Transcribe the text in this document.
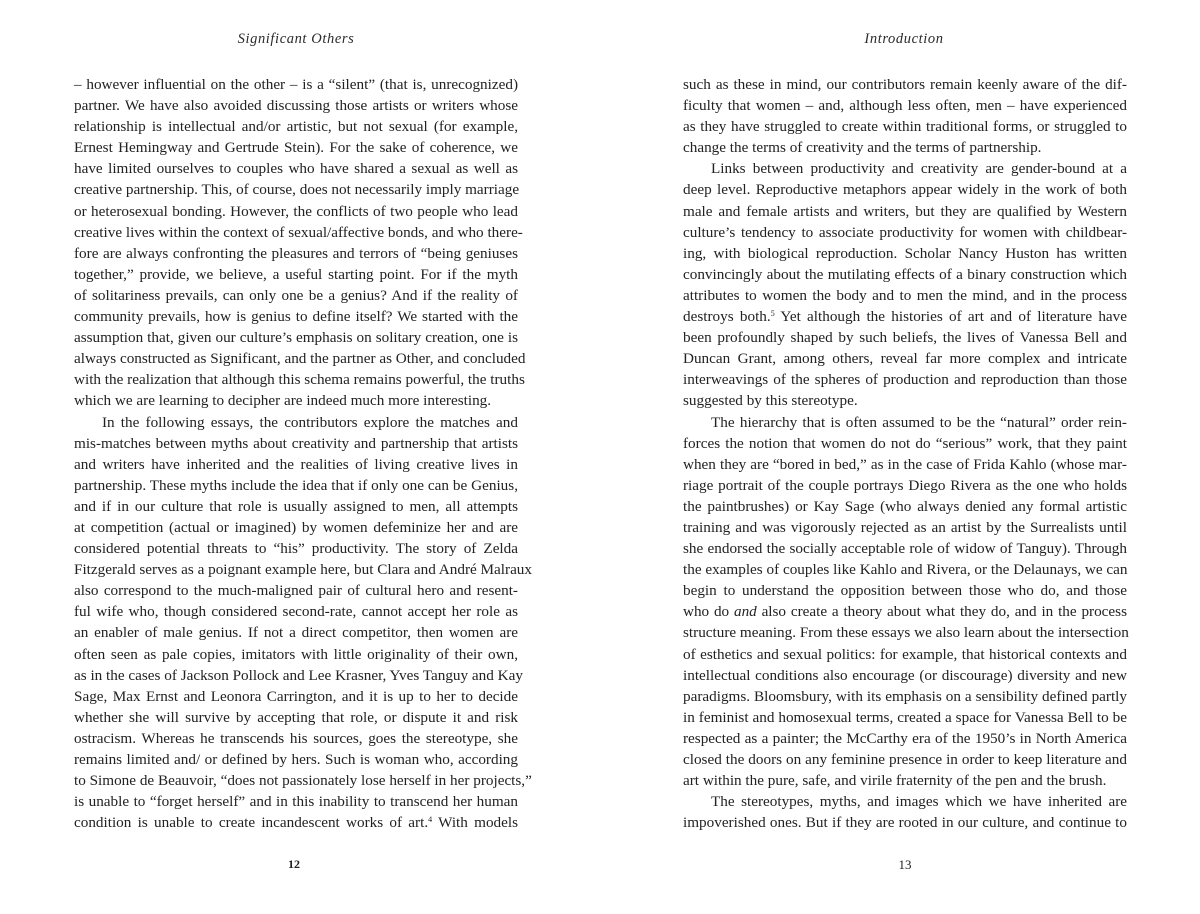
Significant Others
– however influential on the other – is a “silent” (that is, unrecognized)
partner. We have also avoided discussing those artists or writers whose
relationship is intellectual and/or artistic, but not sexual (for example,
Ernest Hemingway and Gertrude Stein). For the sake of coherence, we
have limited ourselves to couples who have shared a sexual as well as
creative partnership. This, of course, does not necessarily imply marriage
or heterosexual bonding. However, the conflicts of two people who lead
creative lives within the context of sexual/affective bonds, and who there-
fore are always confronting the pleasures and terrors of “being geniuses
together,” provide, we believe, a useful starting point. For if the myth
of solitariness prevails, can only one be a genius? And if the reality of
community prevails, how is genius to define itself? We started with the
assumption that, given our culture’s emphasis on solitary creation, one is
always constructed as Significant, and the partner as Other, and concluded
with the realization that although this schema remains powerful, the truths
which we are learning to decipher are indeed much more interesting.
In the following essays, the contributors explore the matches and
mis-matches between myths about creativity and partnership that artists
and writers have inherited and the realities of living creative lives in
partnership. These myths include the idea that if only one can be Genius,
and if in our culture that role is usually assigned to men, all attempts
at competition (actual or imagined) by women defeminize her and are
considered potential threats to “his” productivity. The story of Zelda
Fitzgerald serves as a poignant example here, but Clara and André Malraux
also correspond to the much-maligned pair of cultural hero and resent-
ful wife who, though considered second-rate, cannot accept her role as
an enabler of male genius. If not a direct competitor, then women are
often seen as pale copies, imitators with little originality of their own,
as in the cases of Jackson Pollock and Lee Krasner, Yves Tanguy and Kay
Sage, Max Ernst and Leonora Carrington, and it is up to her to decide
whether she will survive by accepting that role, or dispute it and risk
ostracism. Whereas he transcends his sources, goes the stereotype, she
remains limited and/ or defined by hers. Such is woman who, according
to Simone de Beauvoir, “does not passionately lose herself in her projects,”
is unable to “forget herself” and in this inability to transcend her human
condition is unable to create incandescent works of art.$^4$ With models
12
Introduction
such as these in mind, our contributors remain keenly aware of the dif-
ficulty that women – and, although less often, men – have experienced
as they have struggled to create within traditional forms, or struggled to
change the terms of creativity and the terms of partnership.
Links between productivity and creativity are gender-bound at a
deep level. Reproductive metaphors appear widely in the work of both
male and female artists and writers, but they are qualified by Western
culture’s tendency to associate productivity for women with childbear-
ing, with biological reproduction. Scholar Nancy Huston has written
convincingly about the mutilating effects of a binary construction which
attributes to women the body and to men the mind, and in the process
destroys both.$^5$ Yet although the histories of art and of literature have
been profoundly shaped by such beliefs, the lives of Vanessa Bell and
Duncan Grant, among others, reveal far more complex and intricate
interweavings of the spheres of production and reproduction than those
suggested by this stereotype.
The hierarchy that is often assumed to be the “natural” order rein-
forces the notion that women do not do “serious” work, that they paint
when they are “bored in bed,” as in the case of Frida Kahlo (whose mar-
riage portrait of the couple portrays Diego Rivera as the one who holds
the paintbrushes) or Kay Sage (who always denied any formal artistic
training and was vigorously rejected as an artist by the Surrealists until
she endorsed the socially acceptable role of widow of Tanguy). Through
the examples of couples like Kahlo and Rivera, or the Delaunays, we can
begin to understand the opposition between those who do, and those
who do and also create a theory about what they do, and in the process
structure meaning. From these essays we also learn about the intersection
of esthetics and sexual politics: for example, that historical contexts and
intellectual conditions also encourage (or discourage) diversity and new
paradigms. Bloomsbury, with its emphasis on a sensibility defined partly
in feminist and homosexual terms, created a space for Vanessa Bell to be
respected as a painter; the McCarthy era of the 1950’s in North America
closed the doors on any feminine presence in order to keep literature and
art within the pure, safe, and virile fraternity of the pen and the brush.
The stereotypes, myths, and images which we have inherited are
impoverished ones. But if they are rooted in our culture, and continue to
13
